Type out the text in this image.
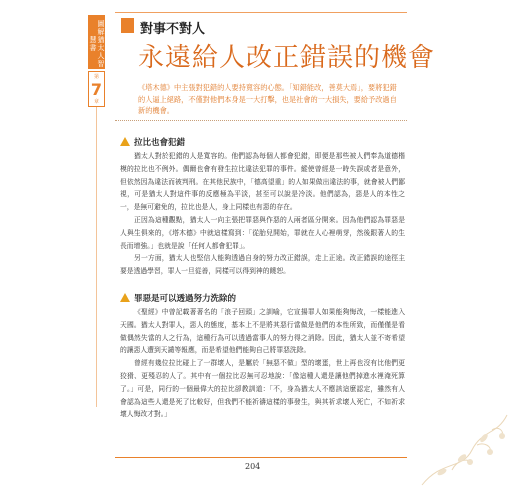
圖解猶太人智慧書
第
7
章
對事不對人
永遠給人改正錯誤的機會
《塔木德》中主張對犯錯的人要持寬容的心態。「知錯能改，善莫大焉」，要將犯錯的人逼上絕路，不僅對他們本身是一大打擊，也是社會的一大損失，要給予改過自新的機會。
拉比也會犯錯

猶太人對於犯錯的人是寬容的。他們認為每個人都會犯錯，即便是那些被人們奉為道德楷模的拉比也不例外。偶爾也會有發生拉比違法犯罪的事件。縱使曾經是一時失誤或者是意外，但依然因為違法而被判刑。在其他民族中，「德高望重」的人如果做出違法的事，就會被人們鄙視，可是猶太人對這件事的反應極為平淡，甚至可以說是冷淡。他們認為，惡是人的本性之一，是無可避免的，拉比也是人，身上同樣也有惡的存在。

正因為這種觀點，猶太人一向主張把罪惡與作惡的人兩者區分開來。因為他們認為罪惡是人與生俱來的，《塔木德》中就這樣寫到：「從胎兒開始，罪就在人心裡萌芽，然後跟著人的生長而增強。」也就是說「任何人都會犯罪」。

另一方面，猶太人也堅信人能夠透過自身的努力改正錯誤，走上正途。改正錯誤的途徑主要是透過學習，罪人一旦從善，同樣可以得到神的饒恕。

罪惡是可以透過努力洗除的

《聖經》中曾記載著著名的「浪子回頭」之訓喻，它宣揚罪人如果能夠悔改，一樣能進入天國。猶太人對罪人，惡人的態度，基本上不是將其惡行當做是他們的本性所致，而僅僅是看做偶然失當的人之行為，這種行為可以透過當事人的努力得之消除。因此，猶太人並不寄希望的讓惡人遭到天譴等報應，而是希望他們能夠自己將罪惡洗除。

曾經有幾位拉比碰上了一群壞人，是屬於「無惡不做」型的壞蛋，世上再也沒有比他們更狡猾、更殘忍的人了。其中有一個拉比忍無可忍地說：「像這種人還是讓他們掉進水裡淹死算了。」可是，同行的一個最偉大的拉比卻教訓道：「不，身為猶太人不應該這麼認定，雖然有人會認為這些人還是死了比較好，但我們不能祈禱這樣的事發生，與其祈求壞人死亡，不如祈求壞人悔改才對。」

204
